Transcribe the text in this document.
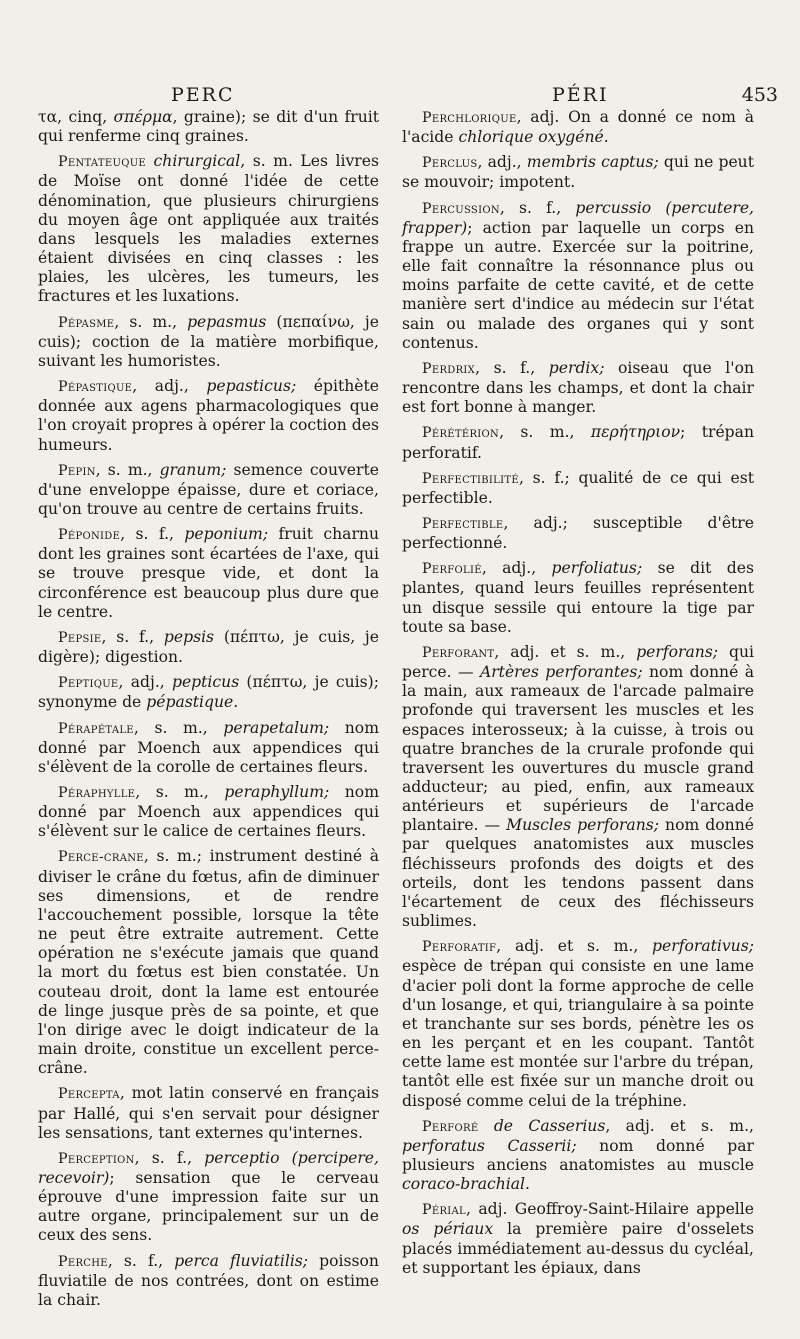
PERC	PÉRI	453

τα, cinq, σπέρμα, graine); se dit d'un fruit qui renferme cinq graines.

Pentateuque chirurgical, s. m. Les livres de Moïse ont donné l'idée de cette dénomination, que plusieurs chirurgiens du moyen âge ont appliquée aux traités dans lesquels les maladies externes étaient divisées en cinq classes : les plaies, les ulcères, les tumeurs, les fractures et les luxations.

Pépasme, s. m., pepasmus (πεπαίνω, je cuis); coction de la matière morbifique, suivant les humoristes.

Pépastique, adj., pepasticus; épithète donnée aux agens pharmacologiques que l'on croyait propres à opérer la coction des humeurs.

Pepin, s. m., granum; semence couverte d'une enveloppe épaisse, dure et coriace, qu'on trouve au centre de certains fruits.

Péponide, s. f., peponium; fruit charnu dont les graines sont écartées de l'axe, qui se trouve presque vide, et dont la circonférence est beaucoup plus dure que le centre.

Pepsie, s. f., pepsis (πέπτω, je cuis, je digère); digestion.

Peptique, adj., pepticus (πέπτω, je cuis); synonyme de pépastique.

Pérapétale, s. m., perapetalum; nom donné par Moench aux appendices qui s'élèvent de la corolle de certaines fleurs.

Péraphylle, s. m., peraphyllum; nom donné par Moench aux appendices qui s'élèvent sur le calice de certaines fleurs.

Perce-crane, s. m.; instrument destiné à diviser le crâne du fœtus, afin de diminuer ses dimensions, et de rendre l'accouchement possible, lorsque la tête ne peut être extraite autrement. Cette opération ne s'exécute jamais que quand la mort du fœtus est bien constatée. Un couteau droit, dont la lame est entourée de linge jusque près de sa pointe, et que l'on dirige avec le doigt indicateur de la main droite, constitue un excellent perce-crâne.

Percepta, mot latin conservé en français par Hallé, qui s'en servait pour désigner les sensations, tant externes qu'internes.

Perception, s. f., perceptio (percipere, recevoir); sensation que le cerveau éprouve d'une impression faite sur un autre organe, principalement sur un de ceux des sens.

Perche, s. f., perca fluviatilis; poisson fluviatile de nos contrées, dont on estime la chair.

Perchlorique, adj. On a donné ce nom à l'acide chlorique oxygéné.

Perclus, adj., membris captus; qui ne peut se mouvoir; impotent.

Percussion, s. f., percussio (percutere, frapper); action par laquelle un corps en frappe un autre. Exercée sur la poitrine, elle fait connaître la résonnance plus ou moins parfaite de cette cavité, et de cette manière sert d'indice au médecin sur l'état sain ou malade des organes qui y sont contenus.

Perdrix, s. f., perdix; oiseau que l'on rencontre dans les champs, et dont la chair est fort bonne à manger.

Pérétérion, s. m., περήτηριον; trépan perforatif.

Perfectibilité, s. f.; qualité de ce qui est perfectible.

Perfectible, adj.; susceptible d'être perfectionné.

Perfolié, adj., perfoliatus; se dit des plantes, quand leurs feuilles représentent un disque sessile qui entoure la tige par toute sa base.

Perforant, adj. et s. m., perforans; qui perce. — Artères perforantes; nom donné à la main, aux rameaux de l'arcade palmaire profonde qui traversent les muscles et les espaces interosseux; à la cuisse, à trois ou quatre branches de la crurale profonde qui traversent les ouvertures du muscle grand adducteur; au pied, enfin, aux rameaux antérieurs et supérieurs de l'arcade plantaire. — Muscles perforans; nom donné par quelques anatomistes aux muscles fléchisseurs profonds des doigts et des orteils, dont les tendons passent dans l'écartement de ceux des fléchisseurs sublimes.

Perforatif, adj. et s. m., perforativus; espèce de trépan qui consiste en une lame d'acier poli dont la forme approche de celle d'un losange, et qui, triangulaire à sa pointe et tranchante sur ses bords, pénètre les os en les perçant et en les coupant. Tantôt cette lame est montée sur l'arbre du trépan, tantôt elle est fixée sur un manche droit ou disposé comme celui de la tréphine.

Perforé de Casserius, adj. et s. m., perforatus Casserii; nom donné par plusieurs anciens anatomistes au muscle coraco-brachial.

Périal, adj. Geoffroy-Saint-Hilaire appelle os périaux la première paire d'osselets placés immédiatement au-dessus du cycléal, et supportant les épiaux, dans
